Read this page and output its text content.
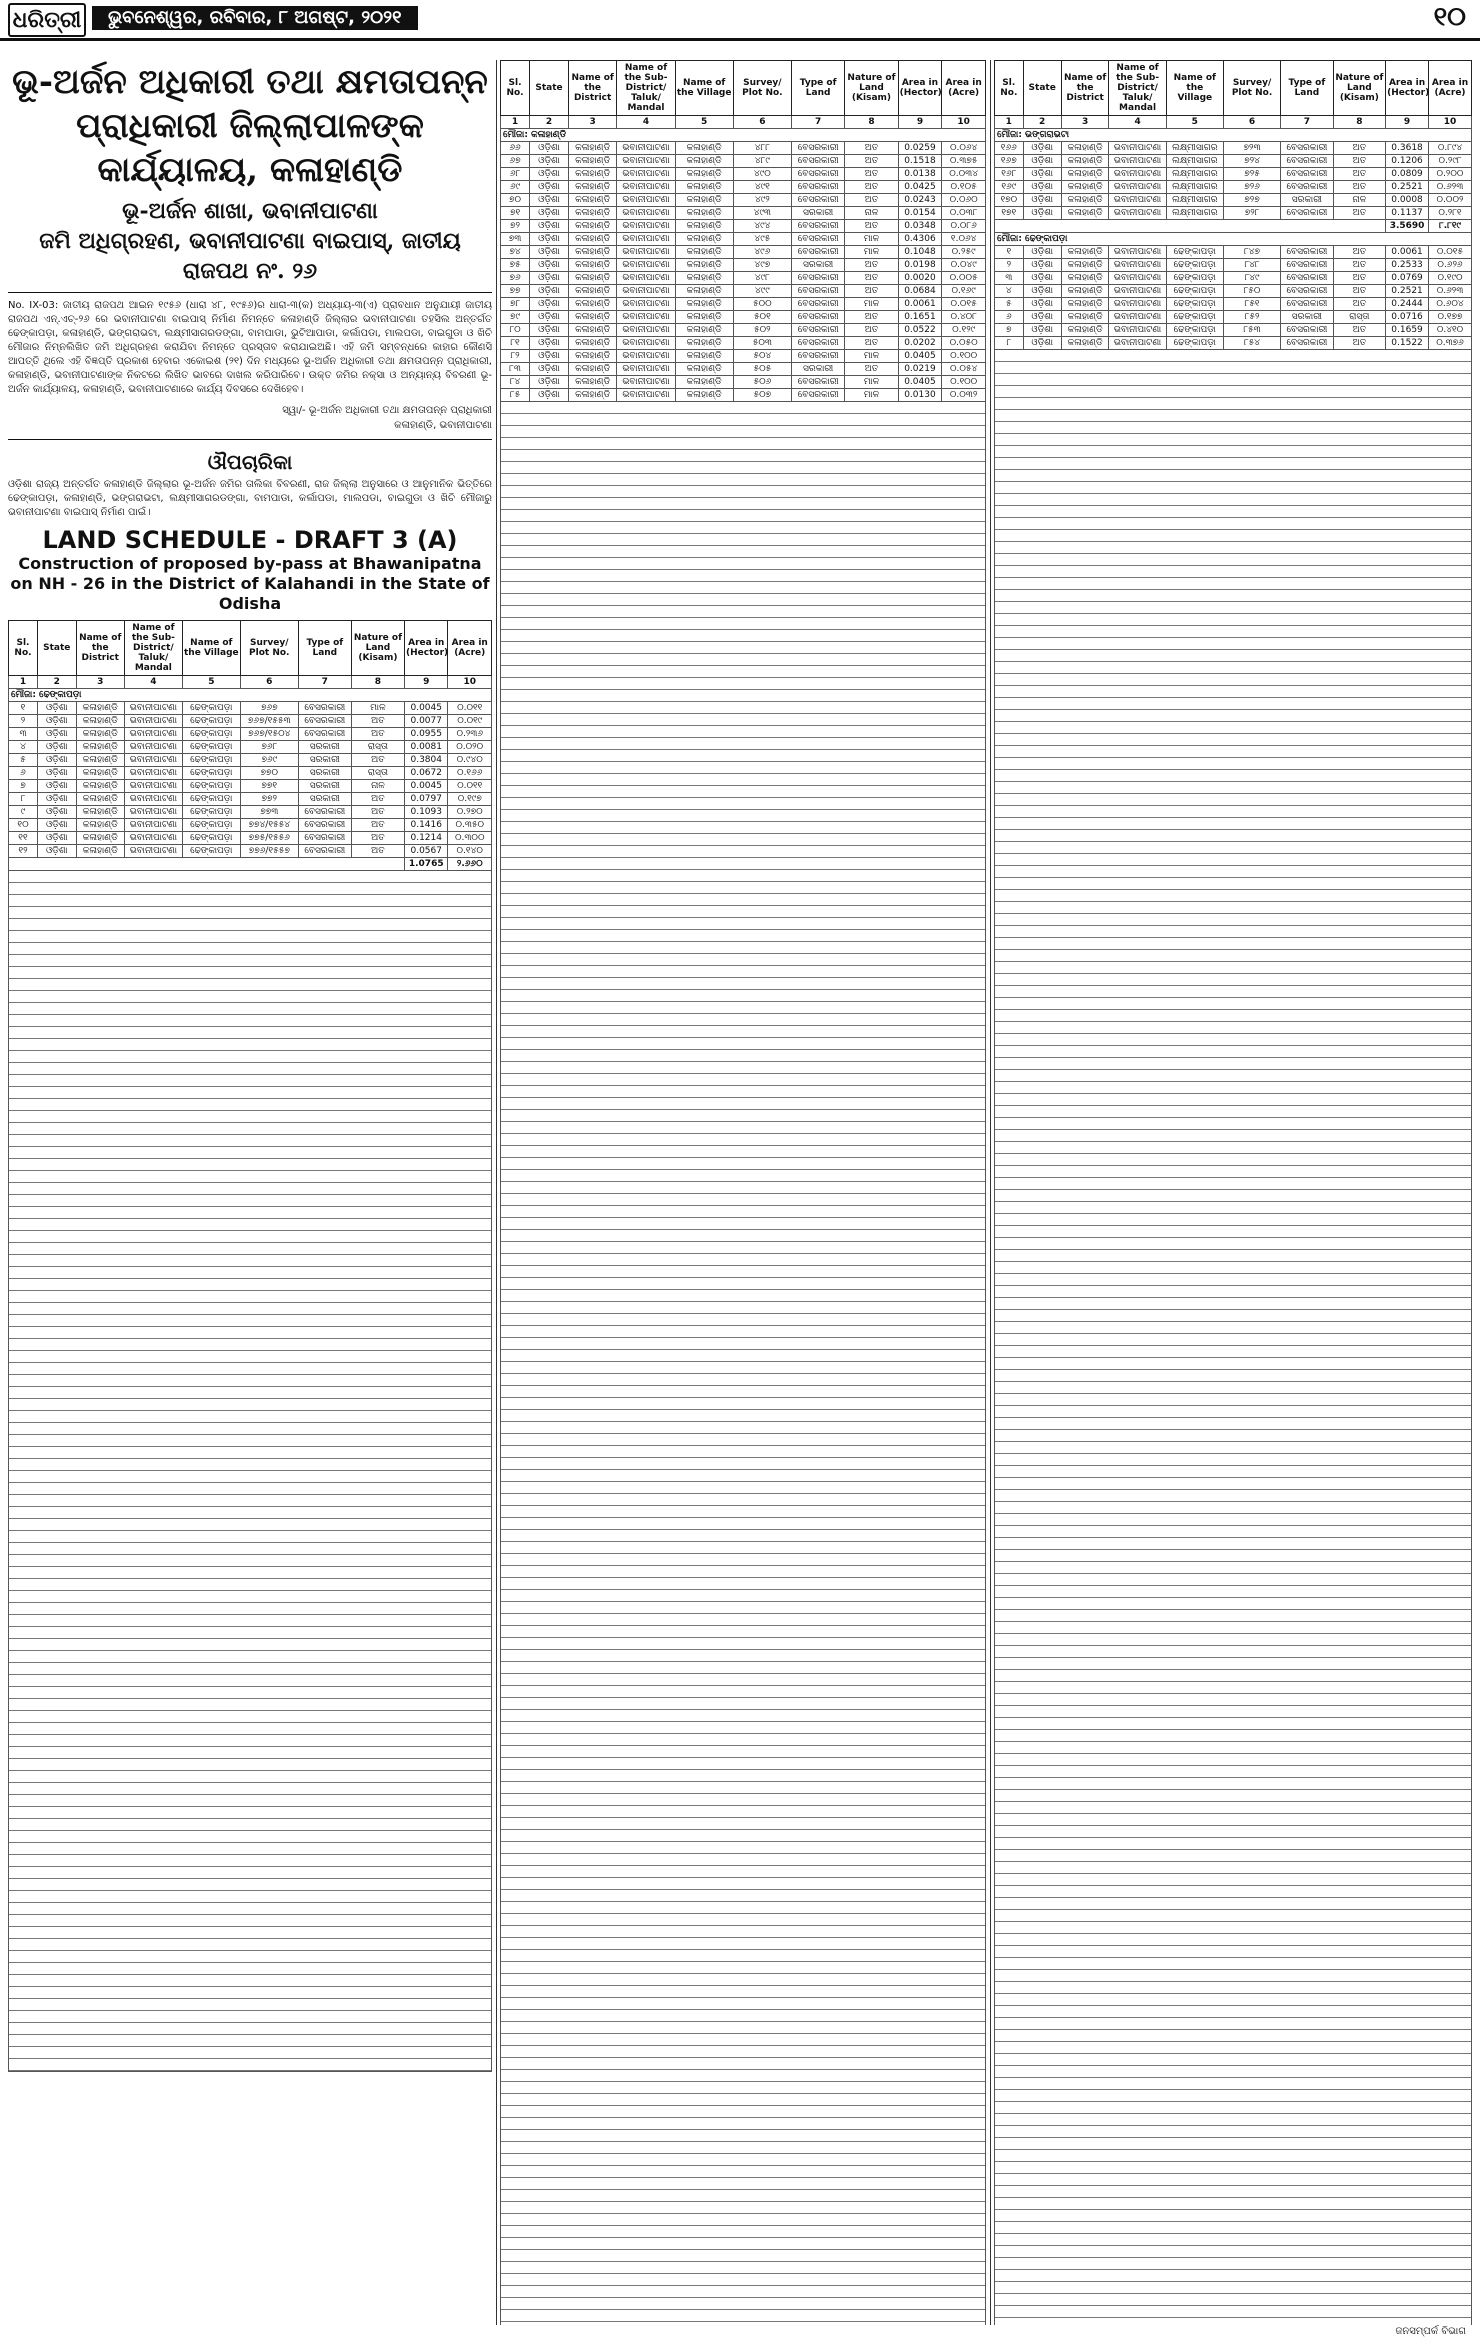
ଧରିତ୍ରୀ	ଭୁବନେଶ୍ୱର, ରବିବାର, ୮ ଅଗଷ୍ଟ, ୨୦୨୧	୧୦
ଭୂ-ଅର୍ଜନ ଅଧିକାରୀ ତଥା କ୍ଷମତାପନ୍ନ ପ୍ରାଧିକାରୀ ଜିଲ୍ଲାପାଳଙ୍କ କାର୍ଯ୍ୟାଳୟ, କଳାହାଣ୍ଡି
ଭୂ-ଅର୍ଜନ ଶାଖା, ଭବାନୀପାଟଣା
ଜମି ଅଧିଗ୍ରହଣ, ଭବାନୀପାଟଣା ବାଇପାସ୍, ଜାତୀୟ ରାଜପଥ ନଂ. ୨୬
No. IX-03: ଜାତୀୟ ରାଜପଥ ଆଇନ ୧୯୫୬ (ଧାରା ୪୮, ୧୯୫୬)ର ଧାରା-୩(କ) ଅଧ୍ୟାୟ-୩(ଏ) ପ୍ରାବଧାନ ଅନୁଯାୟୀ ଜାତୀୟ ରାଜପଥ ଏନ୍.ଏଚ୍-୨୬ ରେ ଭବାନୀପାଟଣା ବାଇପାସ୍ ନିର୍ମାଣ ନିମନ୍ତେ କଳାହାଣ୍ଡି ଜିଲ୍ଲାର ଭବାନୀପାଟଣା ତହସିଲ ଅନ୍ତର୍ଗତ ଢେଙ୍କାପଡ଼ା, କଳାହାଣ୍ଡି, ଭଙ୍ଗରାଭଟା, ଲକ୍ଷ୍ମୀସାଗରଡଙ୍ଗା, ବାମପାଡା, ଭୁଟିଆପାଡା, କର୍ଲାପଡା, ମାଲପଡା, ବାଇଗୁଡା ଓ ଖିଚି ମୌଜାର ନିମ୍ନଲିଖିତ ଜମି ଅଧିଗ୍ରହଣ କରାଯିବା ନିମନ୍ତେ ପ୍ରସ୍ତାବ କରାଯାଇଅଛି। ଏହି ଜମି ସମ୍ବନ୍ଧରେ କାହାର କୌଣସି ଆପତ୍ତି ଥିଲେ ଏହି ବିଜ୍ଞପ୍ତି ପ୍ରକାଶ ହେବାର ଏକୋଇଶ (୨୧) ଦିନ ମଧ୍ୟରେ ଭୂ-ଅର୍ଜନ ଅଧିକାରୀ ତଥା କ୍ଷମତାପନ୍ନ ପ୍ରାଧିକାରୀ, କଳାହାଣ୍ଡି, ଭବାନୀପାଟଣାଙ୍କ ନିକଟରେ ଲିଖିତ ଭାବରେ ଦାଖଲ କରିପାରିବେ। ଉକ୍ତ ଜମିର ନକ୍ସା ଓ ଅନ୍ୟାନ୍ୟ ବିବରଣୀ ଭୂ-ଅର୍ଜନ କାର୍ଯ୍ୟାଳୟ, କଳାହାଣ୍ଡି, ଭବାନୀପାଟଣାରେ କାର୍ଯ୍ୟ ଦିବସରେ ଦେଖିହେବ।
ସ୍ୱା/- ଭୂ-ଅର୍ଜନ ଅଧିକାରୀ ତଥା କ୍ଷମତାପନ୍ନ ପ୍ରାଧିକାରୀ
କଳାହାଣ୍ଡି, ଭବାନୀପାଟଣା
ଔପଚାରିକା
ଓଡ଼ିଶା ରାଜ୍ୟ ଅନ୍ତର୍ଗତ କଳାହାଣ୍ଡି ଜିଲ୍ଲାର ଭୂ-ଅର୍ଜନ ଜମିର ତାଲିକା ବିବରଣୀ, ରାଜ ଜିଲ୍ଲା ଅନୁସାରେ ଓ ଆନୁମାନିକ ଭିତ୍ତିରେ ଢେଙ୍କାପଡ଼ା, କଳାହାଣ୍ଡି, ଭଙ୍ଗରାଭଟା, ଲକ୍ଷ୍ମୀସାଗରଡଙ୍ଗା, ବାମପାଡା, କର୍ଲାପଡା, ମାଲପଡା, ବାଇଗୁଡା ଓ ଖିଚି ମୌଜାରୁ ଭବାନୀପାଟଣା ବାଇପାସ୍ ନିର୍ମାଣ ପାଇଁ।
LAND SCHEDULE - DRAFT 3 (A)
Construction of proposed by-pass at Bhawanipatna on NH - 26 in the District of Kalahandi in the State of Odisha
Sl. No.	State	Name of the District	Name of the Sub-District/ Taluk/ Mandal	Name of the Village	Survey/ Plot No.	Type of Land	Nature of Land (Kisam)	Area in (Hector)	Area in (Acre)
1	2	3	4	5	6	7	8	9	10
ମୌଜା: ଢେଙ୍କାପଡ଼ା									
୧	ଓଡ଼ିଶା	କଳାହାଣ୍ଡି	ଭବାନୀପାଟଣା	ଢେଙ୍କାପଡ଼ା	୭୬୭	ବେସରକାରୀ	ମାଳ	0.0045	୦.୦୧୧
୨	ଓଡ଼ିଶା	କଳାହାଣ୍ଡି	ଭବାନୀପାଟଣା	ଢେଙ୍କାପଡ଼ା	୭୬୭/୧୫୫୩	ବେସରକାରୀ	ଅତ	0.0077	୦.୦୧୯
୩	ଓଡ଼ିଶା	କଳାହାଣ୍ଡି	ଭବାନୀପାଟଣା	ଢେଙ୍କାପଡ଼ା	୭୬୭/୧୫୦୪	ବେସରକାରୀ	ଅତ	0.0955	୦.୨୩୬
୪	ଓଡ଼ିଶା	କଳାହାଣ୍ଡି	ଭବାନୀପାଟଣା	ଢେଙ୍କାପଡ଼ା	୭୬୮	ସରକାରୀ	ରାସ୍ତା	0.0081	୦.୦୨୦
୫	ଓଡ଼ିଶା	କଳାହାଣ୍ଡି	ଭବାନୀପାଟଣା	ଢେଙ୍କାପଡ଼ା	୭୬୯	ସରକାରୀ	ଅତ	0.3804	୦.୯୪୦
୬	ଓଡ଼ିଶା	କଳାହାଣ୍ଡି	ଭବାନୀପାଟଣା	ଢେଙ୍କାପଡ଼ା	୭୭୦	ସରକାରୀ	ରାସ୍ତା	0.0672	୦.୧୬୬
୭	ଓଡ଼ିଶା	କଳାହାଣ୍ଡି	ଭବାନୀପାଟଣା	ଢେଙ୍କାପଡ଼ା	୭୭୧	ସରକାରୀ	ନାଳ	0.0045	୦.୦୧୧
୮	ଓଡ଼ିଶା	କଳାହାଣ୍ଡି	ଭବାନୀପାଟଣା	ଢେଙ୍କାପଡ଼ା	୭୭୨	ସରକାରୀ	ଅତ	0.0797	୦.୧୯୭
୯	ଓଡ଼ିଶା	କଳାହାଣ୍ଡି	ଭବାନୀପାଟଣା	ଢେଙ୍କାପଡ଼ା	୭୭୩	ବେସରକାରୀ	ଅତ	0.1093	୦.୨୭୦
୧୦	ଓଡ଼ିଶା	କଳାହାଣ୍ଡି	ଭବାନୀପାଟଣା	ଢେଙ୍କାପଡ଼ା	୭୭୪/୧୫୫୪	ବେସରକାରୀ	ଅତ	0.1416	୦.୩୫୦
୧୧	ଓଡ଼ିଶା	କଳାହାଣ୍ଡି	ଭବାନୀପାଟଣା	ଢେଙ୍କାପଡ଼ା	୭୭୫/୧୫୫୬	ବେସରକାରୀ	ଅତ	0.1214	୦.୩୦୦
୧୨	ଓଡ଼ିଶା	କଳାହାଣ୍ଡି	ଭବାନୀପାଟଣା	ଢେଙ୍କାପଡ଼ା	୭୭୬/୧୫୫୭	ବେସରକାରୀ	ଅତ	0.0567	୦.୧୪୦
								1.0765	୨.୬୬୦
Sl. No.	State	Name of the District	Name of the Sub-District/ Taluk/ Mandal	Name of the Village	Survey/ Plot No.	Type of Land	Nature of Land (Kisam)	Area in (Hector)	Area in (Acre)
1	2	3	4	5	6	7	8	9	10
ମୌଜା: କଳାହାଣ୍ଡି									
୬୬	ଓଡ଼ିଶା	କଳାହାଣ୍ଡି	ଭବାନୀପାଟଣା	କଳାହାଣ୍ଡି	୪୮୮	ବେସରକାରୀ	ଅତ	0.0259	୦.୦୬୪
୬୭	ଓଡ଼ିଶା	କଳାହାଣ୍ଡି	ଭବାନୀପାଟଣା	କଳାହାଣ୍ଡି	୪୮୯	ବେସରକାରୀ	ଅତ	0.1518	୦.୩୭୫
୬୮	ଓଡ଼ିଶା	କଳାହାଣ୍ଡି	ଭବାନୀପାଟଣା	କଳାହାଣ୍ଡି	୪୯୦	ବେସରକାରୀ	ଅତ	0.0138	୦.୦୩୪
୬୯	ଓଡ଼ିଶା	କଳାହାଣ୍ଡି	ଭବାନୀପାଟଣା	କଳାହାଣ୍ଡି	୪୯୧	ବେସରକାରୀ	ଅତ	0.0425	୦.୧୦୫
୭୦	ଓଡ଼ିଶା	କଳାହାଣ୍ଡି	ଭବାନୀପାଟଣା	କଳାହାଣ୍ଡି	୪୯୨	ବେସରକାରୀ	ଅତ	0.0243	୦.୦୬୦
୭୧	ଓଡ଼ିଶା	କଳାହାଣ୍ଡି	ଭବାନୀପାଟଣା	କଳାହାଣ୍ଡି	୪୯୩	ସରକାରୀ	ନାଳ	0.0154	୦.୦୩୮
୭୨	ଓଡ଼ିଶା	କଳାହାଣ୍ଡି	ଭବାନୀପାଟଣା	କଳାହାଣ୍ଡି	୪୯୪	ବେସରକାରୀ	ଅତ	0.0348	୦.୦୮୬
୭୩	ଓଡ଼ିଶା	କଳାହାଣ୍ଡି	ଭବାନୀପାଟଣା	କଳାହାଣ୍ଡି	୪୯୫	ବେସରକାରୀ	ମାଳ	0.4306	୧.୦୬୪
୭୪	ଓଡ଼ିଶା	କଳାହାଣ୍ଡି	ଭବାନୀପାଟଣା	କଳାହାଣ୍ଡି	୪୯୬	ବେସରକାରୀ	ମାଳ	0.1048	୦.୨୫୯
୭୫	ଓଡ଼ିଶା	କଳାହାଣ୍ଡି	ଭବାନୀପାଟଣା	କଳାହାଣ୍ଡି	୪୯୭	ସରକାରୀ	ଅତ	0.0198	୦.୦୪୯
୭୬	ଓଡ଼ିଶା	କଳାହାଣ୍ଡି	ଭବାନୀପାଟଣା	କଳାହାଣ୍ଡି	୪୯୮	ବେସରକାରୀ	ଅତ	0.0020	୦.୦୦୫
୭୭	ଓଡ଼ିଶା	କଳାହାଣ୍ଡି	ଭବାନୀପାଟଣା	କଳାହାଣ୍ଡି	୪୯୯	ବେସରକାରୀ	ଅତ	0.0684	୦.୧୬୯
୭୮	ଓଡ଼ିଶା	କଳାହାଣ୍ଡି	ଭବାନୀପାଟଣା	କଳାହାଣ୍ଡି	୫୦୦	ବେସରକାରୀ	ମାଳ	0.0061	୦.୦୧୫
୭୯	ଓଡ଼ିଶା	କଳାହାଣ୍ଡି	ଭବାନୀପାଟଣା	କଳାହାଣ୍ଡି	୫୦୧	ବେସରକାରୀ	ଅତ	0.1651	୦.୪୦୮
୮୦	ଓଡ଼ିଶା	କଳାହାଣ୍ଡି	ଭବାନୀପାଟଣା	କଳାହାଣ୍ଡି	୫୦୨	ବେସରକାରୀ	ଅତ	0.0522	୦.୧୨୯
୮୧	ଓଡ଼ିଶା	କଳାହାଣ୍ଡି	ଭବାନୀପାଟଣା	କଳାହାଣ୍ଡି	୫୦୩	ବେସରକାରୀ	ଅତ	0.0202	୦.୦୫୦
୮୨	ଓଡ଼ିଶା	କଳାହାଣ୍ଡି	ଭବାନୀପାଟଣା	କଳାହାଣ୍ଡି	୫୦୪	ବେସରକାରୀ	ମାଳ	0.0405	୦.୧୦୦
୮୩	ଓଡ଼ିଶା	କଳାହାଣ୍ଡି	ଭବାନୀପାଟଣା	କଳାହାଣ୍ଡି	୫୦୫	ସରକାରୀ	ଅତ	0.0219	୦.୦୫୪
୮୪	ଓଡ଼ିଶା	କଳାହାଣ୍ଡି	ଭବାନୀପାଟଣା	କଳାହାଣ୍ଡି	୫୦୬	ବେସରକାରୀ	ମାଳ	0.0405	୦.୧୦୦
୮୫	ଓଡ଼ିଶା	କଳାହାଣ୍ଡି	ଭବାନୀପାଟଣା	କଳାହାଣ୍ଡି	୫୦୭	ବେସରକାରୀ	ମାଳ	0.0130	୦.୦୩୨
Sl. No.	State	Name of the District	Name of the Sub-District/ Taluk/ Mandal	Name of the Village	Survey/ Plot No.	Type of Land	Nature of Land (Kisam)	Area in (Hector)	Area in (Acre)
1	2	3	4	5	6	7	8	9	10
ମୌଜା: ଭଙ୍ଗରାଭଟା									
୧୬୬	ଓଡ଼ିଶା	କଳାହାଣ୍ଡି	ଭବାନୀପାଟଣା	ଲକ୍ଷ୍ମୀସାଗର	୭୨୩	ବେସରକାରୀ	ଅତ	0.3618	୦.୮୯୪
୧୬୭	ଓଡ଼ିଶା	କଳାହାଣ୍ଡି	ଭବାନୀପାଟଣା	ଲକ୍ଷ୍ମୀସାଗର	୭୨୪	ବେସରକାରୀ	ଅତ	0.1206	୦.୨୯୮
୧୬୮	ଓଡ଼ିଶା	କଳାହାଣ୍ଡି	ଭବାନୀପାଟଣା	ଲକ୍ଷ୍ମୀସାଗର	୭୨୫	ବେସରକାରୀ	ଅତ	0.0809	୦.୨୦୦
୧୬୯	ଓଡ଼ିଶା	କଳାହାଣ୍ଡି	ଭବାନୀପାଟଣା	ଲକ୍ଷ୍ମୀସାଗର	୭୨୬	ବେସରକାରୀ	ଅତ	0.2521	୦.୬୨୩
୧୭୦	ଓଡ଼ିଶା	କଳାହାଣ୍ଡି	ଭବାନୀପାଟଣା	ଲକ୍ଷ୍ମୀସାଗର	୭୨୭	ସରକାରୀ	ନାଳ	0.0008	୦.୦୦୨
୧୭୧	ଓଡ଼ିଶା	କଳାହାଣ୍ଡି	ଭବାନୀପାଟଣା	ଲକ୍ଷ୍ମୀସାଗର	୭୨୮	ବେସରକାରୀ	ଅତ	0.1137	୦.୨୮୧
								3.5690	୮.୮୧୯
ମୌଜା: ଢେଙ୍କାପଡ଼ା									
୧	ଓଡ଼ିଶା	କଳାହାଣ୍ଡି	ଭବାନୀପାଟଣା	ଢେଙ୍କାପଡ଼ା	୮୪୭	ବେସରକାରୀ	ଅତ	0.0061	୦.୦୧୫
୨	ଓଡ଼ିଶା	କଳାହାଣ୍ଡି	ଭବାନୀପାଟଣା	ଢେଙ୍କାପଡ଼ା	୮୪୮	ବେସରକାରୀ	ଅତ	0.2533	୦.୬୨୬
୩	ଓଡ଼ିଶା	କଳାହାଣ୍ଡି	ଭବାନୀପାଟଣା	ଢେଙ୍କାପଡ଼ା	୮୪୯	ବେସରକାରୀ	ଅତ	0.0769	୦.୧୯୦
୪	ଓଡ଼ିଶା	କଳାହାଣ୍ଡି	ଭବାନୀପାଟଣା	ଢେଙ୍କାପଡ଼ା	୮୫୦	ବେସରକାରୀ	ଅତ	0.2521	୦.୬୨୩
୫	ଓଡ଼ିଶା	କଳାହାଣ୍ଡି	ଭବାନୀପାଟଣା	ଢେଙ୍କାପଡ଼ା	୮୫୧	ବେସରକାରୀ	ଅତ	0.2444	୦.୬୦୪
୬	ଓଡ଼ିଶା	କଳାହାଣ୍ଡି	ଭବାନୀପାଟଣା	ଢେଙ୍କାପଡ଼ା	୮୫୨	ସରକାରୀ	ରାସ୍ତା	0.0716	୦.୧୭୭
୭	ଓଡ଼ିଶା	କଳାହାଣ୍ଡି	ଭବାନୀପାଟଣା	ଢେଙ୍କାପଡ଼ା	୮୫୩	ବେସରକାରୀ	ଅତ	0.1659	୦.୪୧୦
୮	ଓଡ଼ିଶା	କଳାହାଣ୍ଡି	ଭବାନୀପାଟଣା	ଢେଙ୍କାପଡ଼ା	୮୫୪	ବେସରକାରୀ	ଅତ	0.1522	୦.୩୭୬
ଜନସମ୍ପର୍କ ବିଭାଗ
